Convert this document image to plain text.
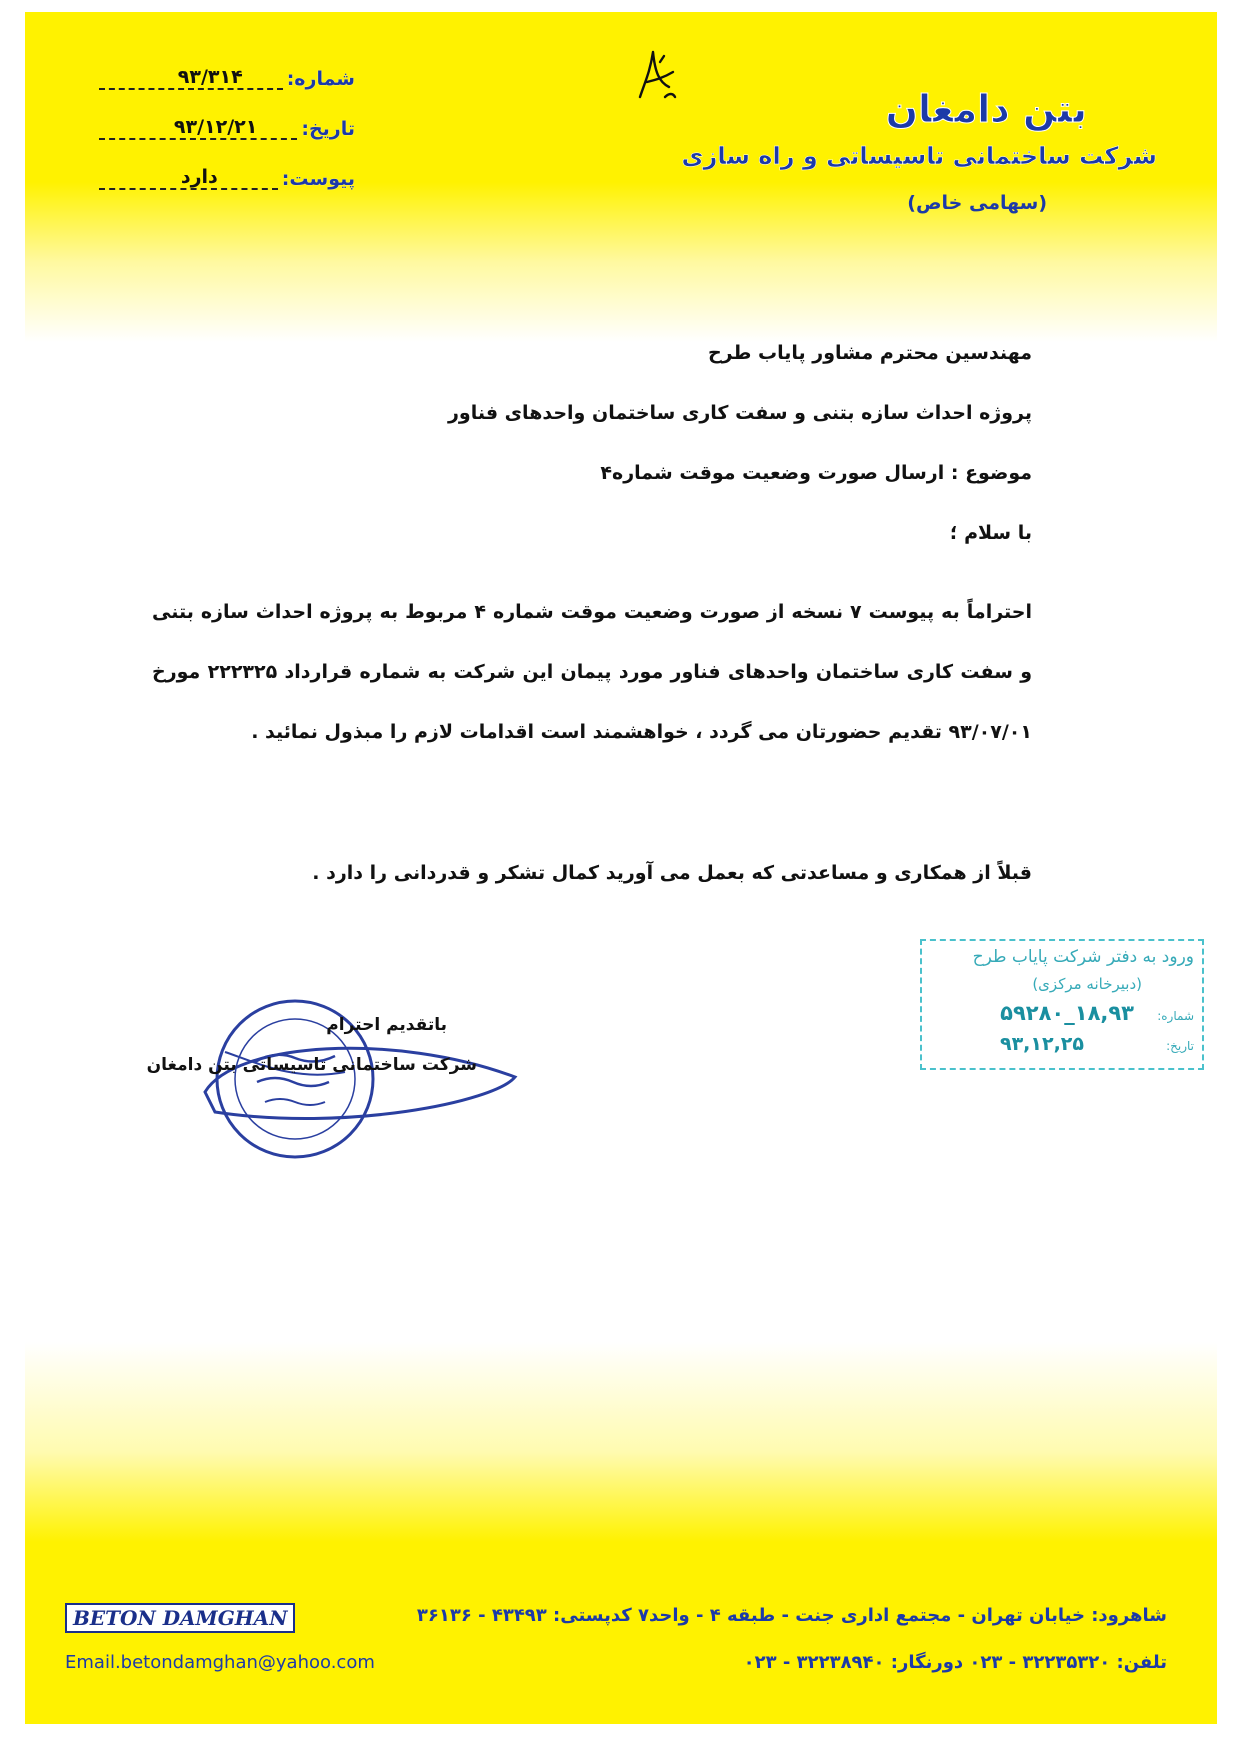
شماره:
۹۳/۳۱۴
تاریخ:
۹۳/۱۲/۲۱
پیوست:
دارد
بتن دامغان
شرکت ساختمانی تاسیساتی و راه سازی
(سهامی خاص)
مهندسین محترم مشاور پایاب طرح
پروژه احداث سازه بتنی و سفت کاری ساختمان واحدهای فناور
موضوع : ارسال صورت وضعیت موقت شماره۴
با سلام ؛
احتراماً به پیوست ۷ نسخه از صورت وضعیت موقت شماره ۴ مربوط به پروژه احداث سازه بتنی و سفت کاری ساختمان واحدهای فناور مورد پیمان این شرکت به شماره قرارداد ۲۲۲۳۲۵ مورخ ۹۳/۰۷/۰۱ تقدیم حضورتان می گردد ، خواهشمند است اقدامات لازم را مبذول نمائید .
قبلاً از همکاری و مساعدتی که بعمل می آورید کمال تشکر و قدردانی را دارد .
ورود به دفتر شرکت پایاب طرح
(دبیرخانه مرکزی)
شماره:
۱۸,۹۳_۵۹۲۸۰
تاریخ:
۹۳,۱۲,۲۵
باتقدیم احترام
شرکت ساختمانی تاسیساتی بتن دامغان
BETON DAMGHAN
Email.betondamghan@yahoo.com
شاهرود: خیابان تهران - مجتمع اداری جنت - طبقه ۴ - واحد۷ کدپستی: ۴۳۴۹۳ - ۳۶۱۳۶
تلفن: ۳۲۲۳۵۳۲۰ - ۰۲۳ دورنگار: ۳۲۲۳۸۹۴۰ - ۰۲۳
